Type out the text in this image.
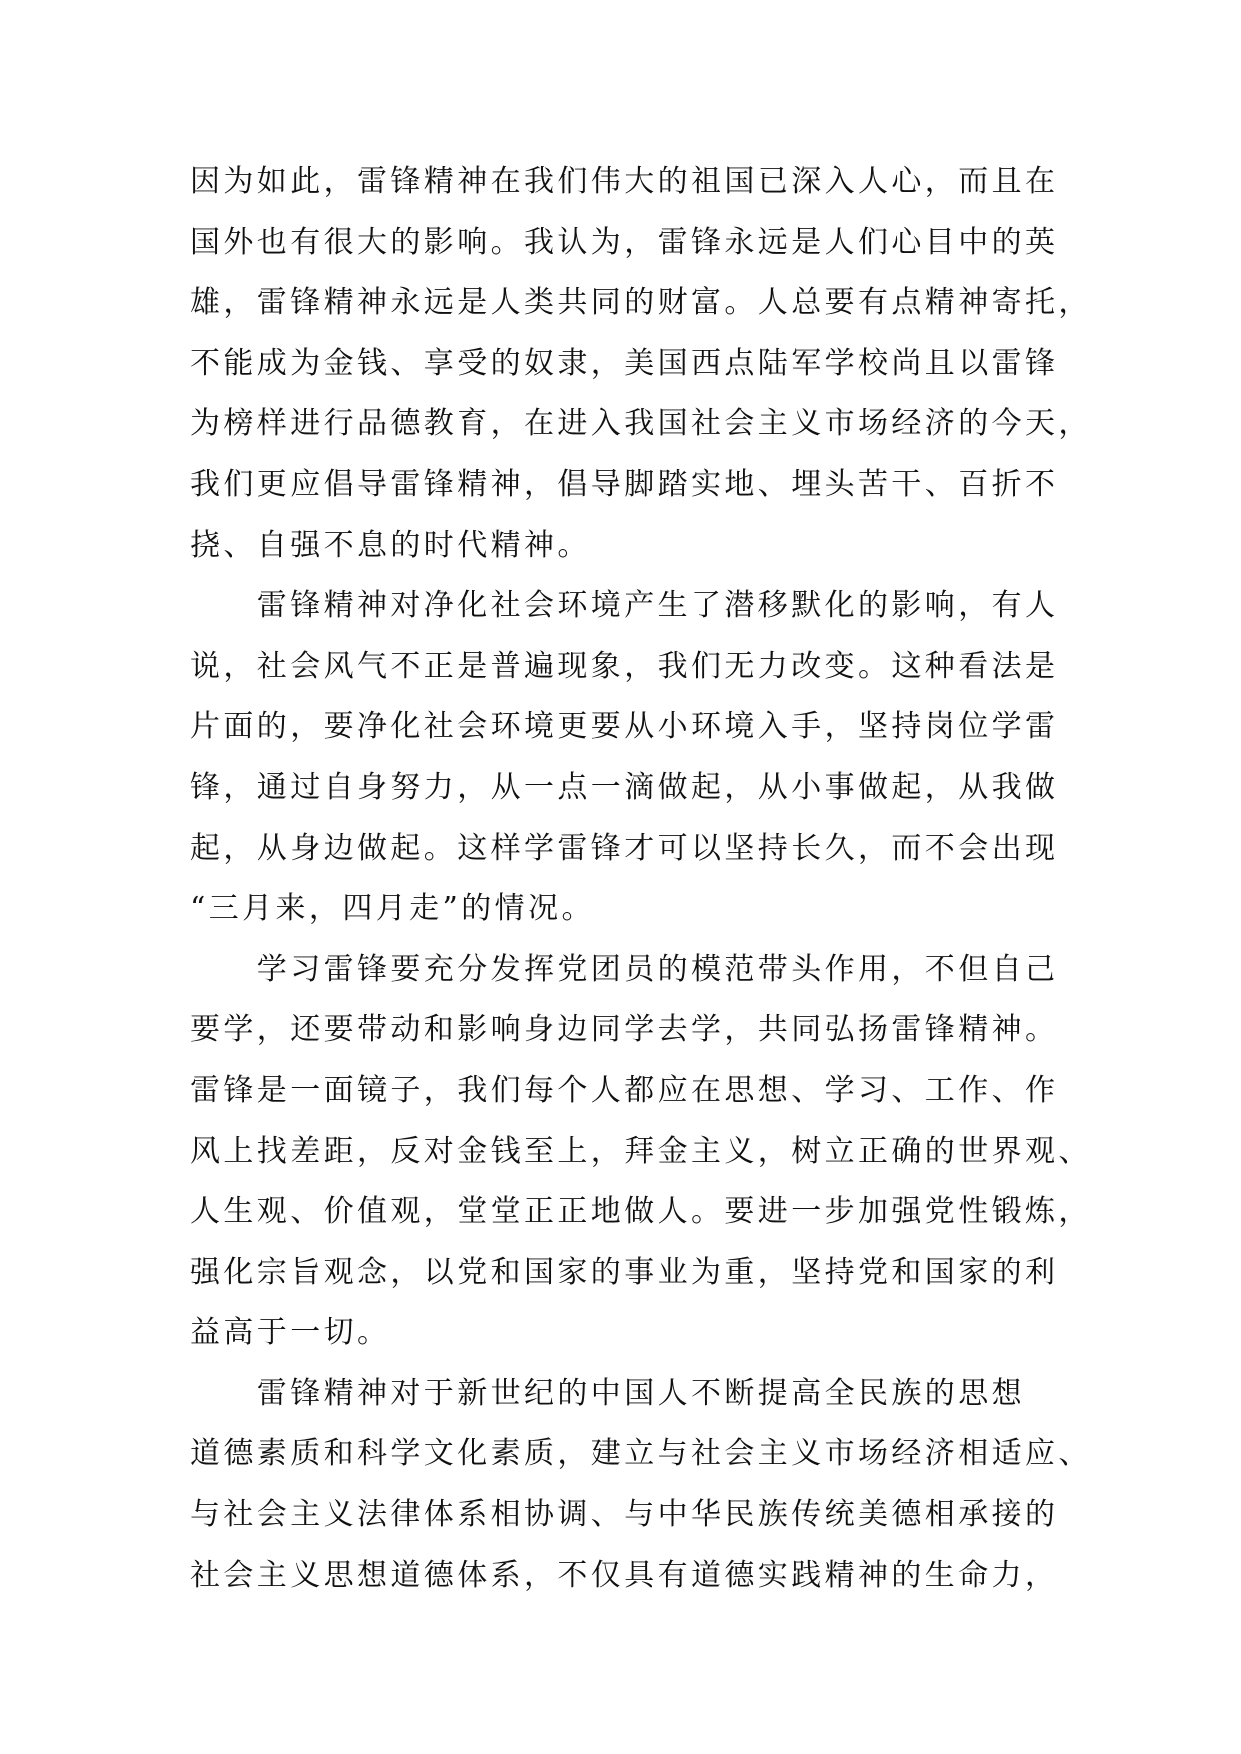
因为如此，雷锋精神在我们伟大的祖国已深入人心，而且在
国外也有很大的影响。我认为，雷锋永远是人们心目中的英
雄，雷锋精神永远是人类共同的财富。人总要有点精神寄托，
不能成为金钱、享受的奴隶，美国西点陆军学校尚且以雷锋
为榜样进行品德教育，在进入我国社会主义市场经济的今天，
我们更应倡导雷锋精神，倡导脚踏实地、埋头苦干、百折不
挠、自强不息的时代精神。
　　雷锋精神对净化社会环境产生了潜移默化的影响，有人
说，社会风气不正是普遍现象，我们无力改变。这种看法是
片面的，要净化社会环境更要从小环境入手，坚持岗位学雷
锋，通过自身努力，从一点一滴做起，从小事做起，从我做
起，从身边做起。这样学雷锋才可以坚持长久，而不会出现
“三月来，四月走”的情况。
　　学习雷锋要充分发挥党团员的模范带头作用，不但自己
要学，还要带动和影响身边同学去学，共同弘扬雷锋精神。
雷锋是一面镜子，我们每个人都应在思想、学习、工作、作
风上找差距，反对金钱至上，拜金主义，树立正确的世界观、
人生观、价值观，堂堂正正地做人。要进一步加强党性锻炼，
强化宗旨观念，以党和国家的事业为重，坚持党和国家的利
益高于一切。
　　雷锋精神对于新世纪的中国人不断提高全民族的思想
道德素质和科学文化素质，建立与社会主义市场经济相适应、
与社会主义法律体系相协调、与中华民族传统美德相承接的
社会主义思想道德体系，不仅具有道德实践精神的生命力，
